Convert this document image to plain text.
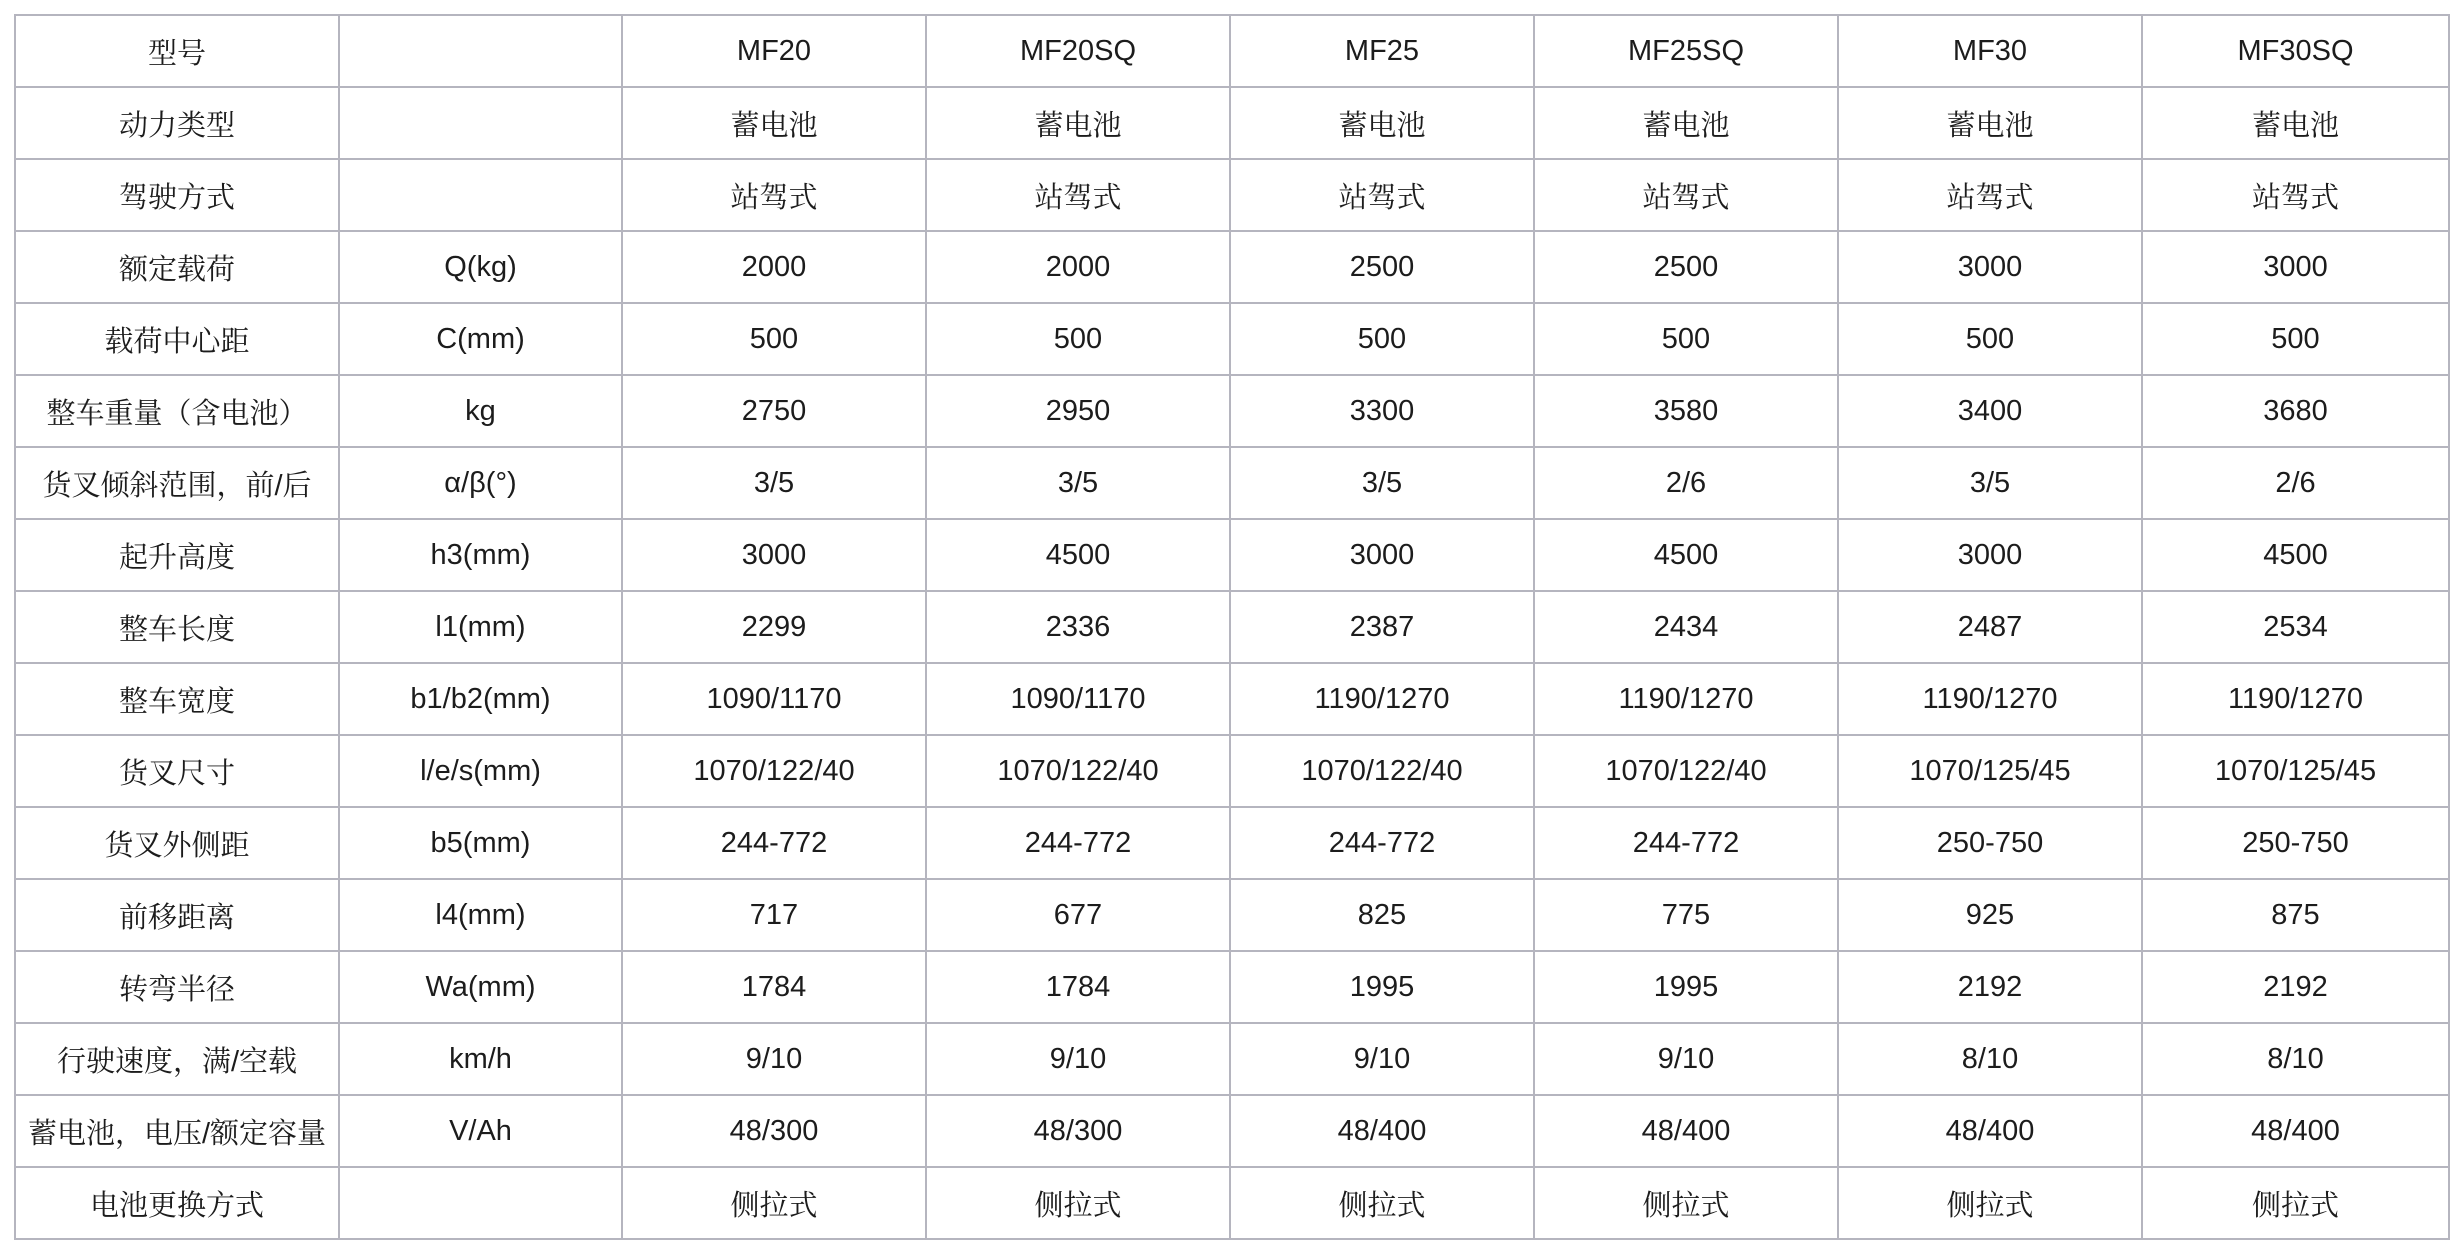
型号		MF20	MF20SQ	MF25	MF25SQ	MF30	MF30SQ
动力类型		蓄电池	蓄电池	蓄电池	蓄电池	蓄电池	蓄电池
驾驶方式		站驾式	站驾式	站驾式	站驾式	站驾式	站驾式
额定载荷	Q(kg)	2000	2000	2500	2500	3000	3000
载荷中心距	C(mm)	500	500	500	500	500	500
整车重量（含电池）	kg	2750	2950	3300	3580	3400	3680
货叉倾斜范围，前/后	α/β(°)	3/5	3/5	3/5	2/6	3/5	2/6
起升高度	h3(mm)	3000	4500	3000	4500	3000	4500
整车长度	l1(mm)	2299	2336	2387	2434	2487	2534
整车宽度	b1/b2(mm)	1090/1170	1090/1170	1190/1270	1190/1270	1190/1270	1190/1270
货叉尺寸	l/e/s(mm)	1070/122/40	1070/122/40	1070/122/40	1070/122/40	1070/125/45	1070/125/45
货叉外侧距	b5(mm)	244-772	244-772	244-772	244-772	250-750	250-750
前移距离	l4(mm)	717	677	825	775	925	875
转弯半径	Wa(mm)	1784	1784	1995	1995	2192	2192
行驶速度，满/空载	km/h	9/10	9/10	9/10	9/10	8/10	8/10
蓄电池，电压/额定容量	V/Ah	48/300	48/300	48/400	48/400	48/400	48/400
电池更换方式		侧拉式	侧拉式	侧拉式	侧拉式	侧拉式	侧拉式
